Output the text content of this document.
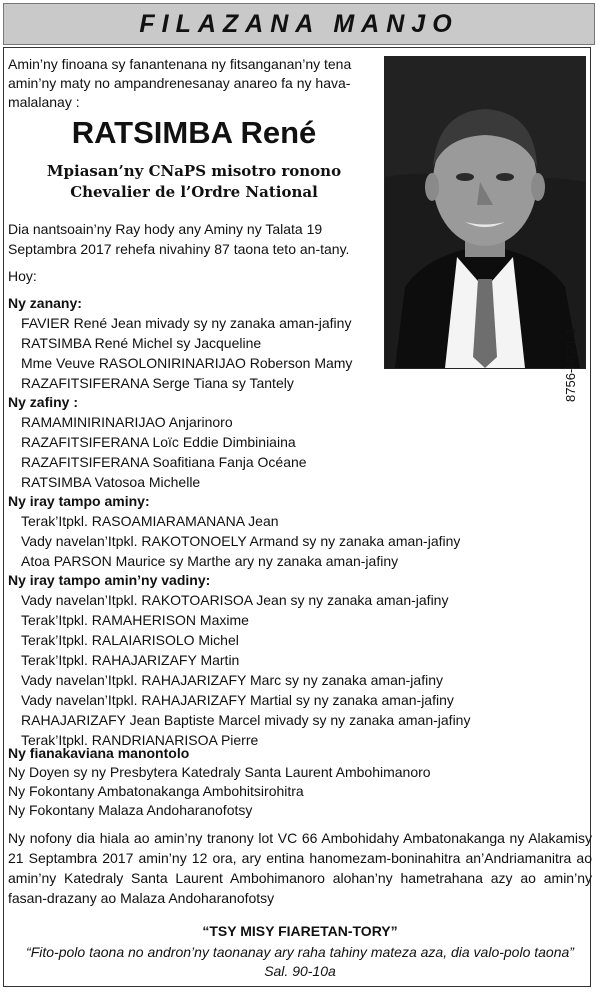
FILAZANA MANJO
Amin’ny finoana sy fanantenana ny fitsanganan’ny tena amin’ny maty no ampandrenesanay anareo fa ny hava-malalanay :
RATSIMBA René
Mpiasan’ny CNaPS misotro ronono
Chevalier de l’Ordre National
Dia nantsoain’ny Ray hody any Aminy ny Talata 19 Septambra 2017 rehefa nivahiny 87 taona teto an-tany.
Hoy:
8756-NC/1-1
Ny zanany:
FAVIER René Jean mivady sy ny zanaka aman-jafiny
RATSIMBA René Michel sy Jacqueline
Mme Veuve RASOLONIRINARIJAO Roberson Mamy
RAZAFITSIFERANA Serge Tiana sy Tantely
Ny zafiny :
RAMAMINIRINARIJAO Anjarinoro
RAZAFITSIFERANA Loïc Eddie Dimbiniaina
RAZAFITSIFERANA Soafitiana Fanja Océane
RATSIMBA Vatosoa Michelle
Ny iray tampo aminy:
Terak’Itpkl. RASOAMIARAMANANA Jean
Vady navelan’Itpkl. RAKOTONOELY Armand sy ny zanaka aman-jafiny
Atoa PARSON Maurice sy Marthe ary ny zanaka aman-jafiny
Ny iray tampo amin’ny vadiny:
Vady navelan’Itpkl. RAKOTOARISOA Jean sy ny zanaka aman-jafiny
Terak’Itpkl. RAMAHERISON Maxime
Terak’Itpkl. RALAIARISOLO Michel
Terak’Itpkl. RAHAJARIZAFY Martin
Vady navelan’Itpkl. RAHAJARIZAFY Marc sy ny zanaka aman-jafiny
Vady navelan’Itpkl. RAHAJARIZAFY Martial sy ny zanaka aman-jafiny
RAHAJARIZAFY Jean Baptiste Marcel mivady sy ny zanaka aman-jafiny
Terak’Itpkl. RANDRIANARISOA Pierre
Ny fianakaviana manontolo
Ny Doyen sy ny Presbytera Katedraly Santa Laurent Ambohimanoro
Ny Fokontany Ambatonakanga Ambohitsirohitra
Ny Fokontany Malaza Andoharanofotsy
Ny nofony dia hiala ao amin’ny tranony lot VC 66 Ambohidahy Ambatonakanga ny Alakamisy 21 Septambra 2017 amin’ny 12 ora, ary entina hanomezam-boninahitra an’Andriamanitra ao amin’ny Katedraly Santa Laurent Ambohimanoro alohan’ny hametrahana azy ao amin’ny fasan-drazany ao Malaza Andoharanofotsy
“TSY MISY FIARETAN-TORY”
“Fito-polo taona no andron’ny taonanay ary raha tahiny mateza aza, dia valo-polo taona”
Sal. 90-10a
